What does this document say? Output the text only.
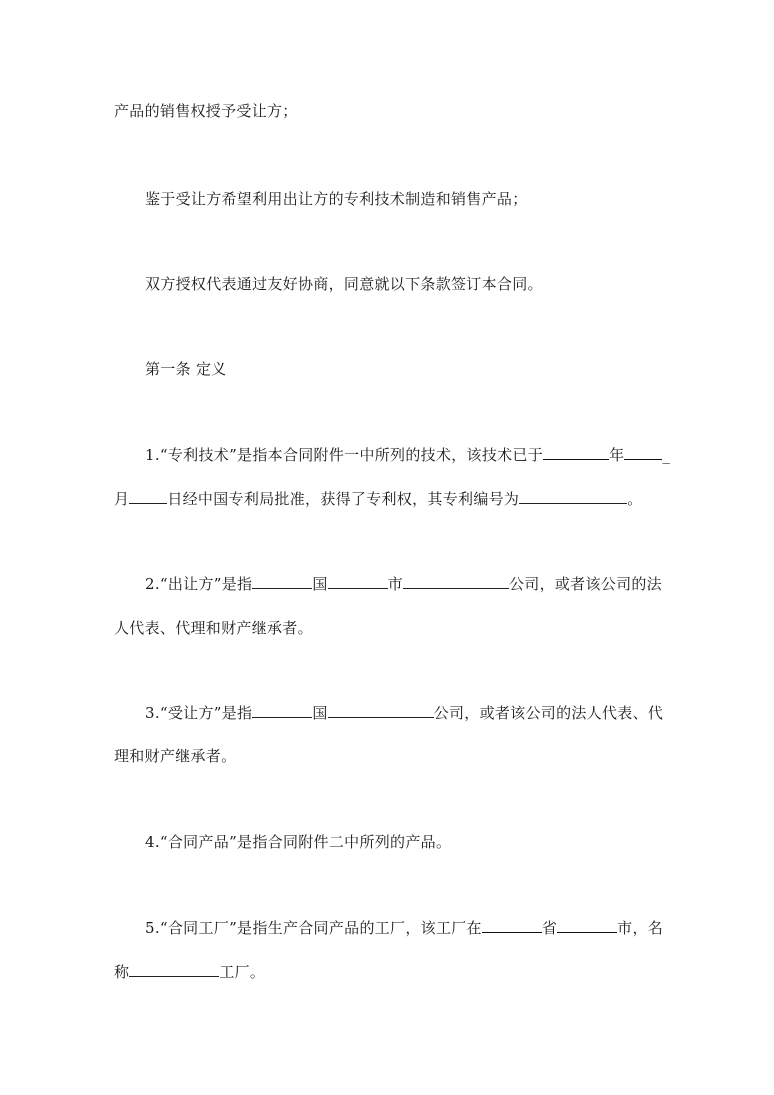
产品的销售权授予受让方；
鉴于受让方希望利用出让方的专利技术制造和销售产品；
双方授权代表通过友好协商，同意就以下条款签订本合同。
第一条 定义
1.“专利技术”是指本合同附件一中所列的技术，该技术已于	年	_
月	日经中国专利局批准，获得了专利权，其专利编号为	。
2.“出让方”是指	国	市	公司，或者该公司的法
人代表、代理和财产继承者。
3.“受让方”是指	国	公司，或者该公司的法人代表、代
理和财产继承者。
4.“合同产品”是指合同附件二中所列的产品。
5.“合同工厂”是指生产合同产品的工厂，该工厂在	省	市，名
称	工厂。
